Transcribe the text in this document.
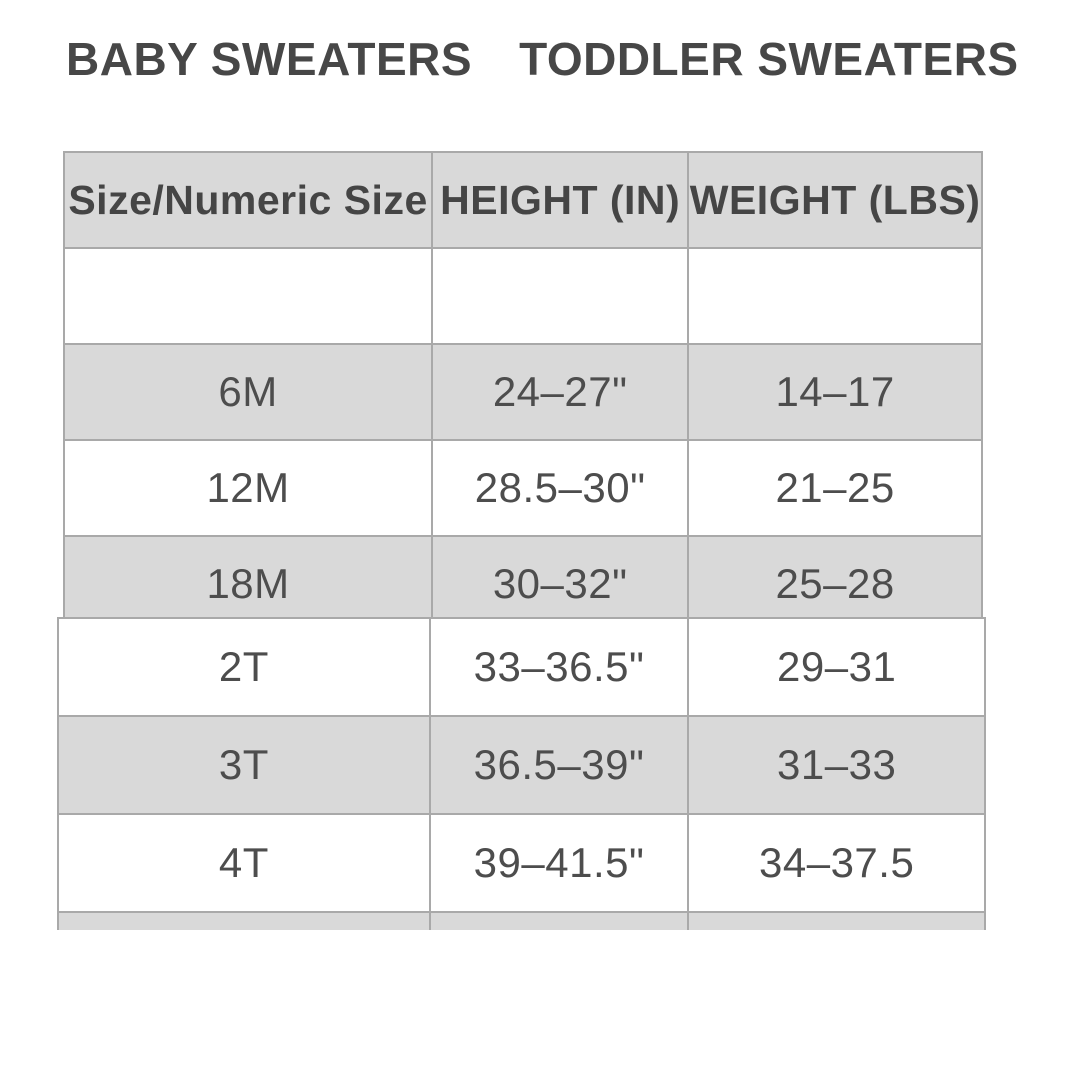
BABY SWEATERS TODDLER SWEATERS
Size/Numeric Size	HEIGHT (IN)	WEIGHT (LBS)

6M	24–27"	14–17
12M	28.5–30"	21–25
18M	30–32"	25–28
2T	33–36.5"	29–31
3T	36.5–39"	31–33
4T	39–41.5"	34–37.5
